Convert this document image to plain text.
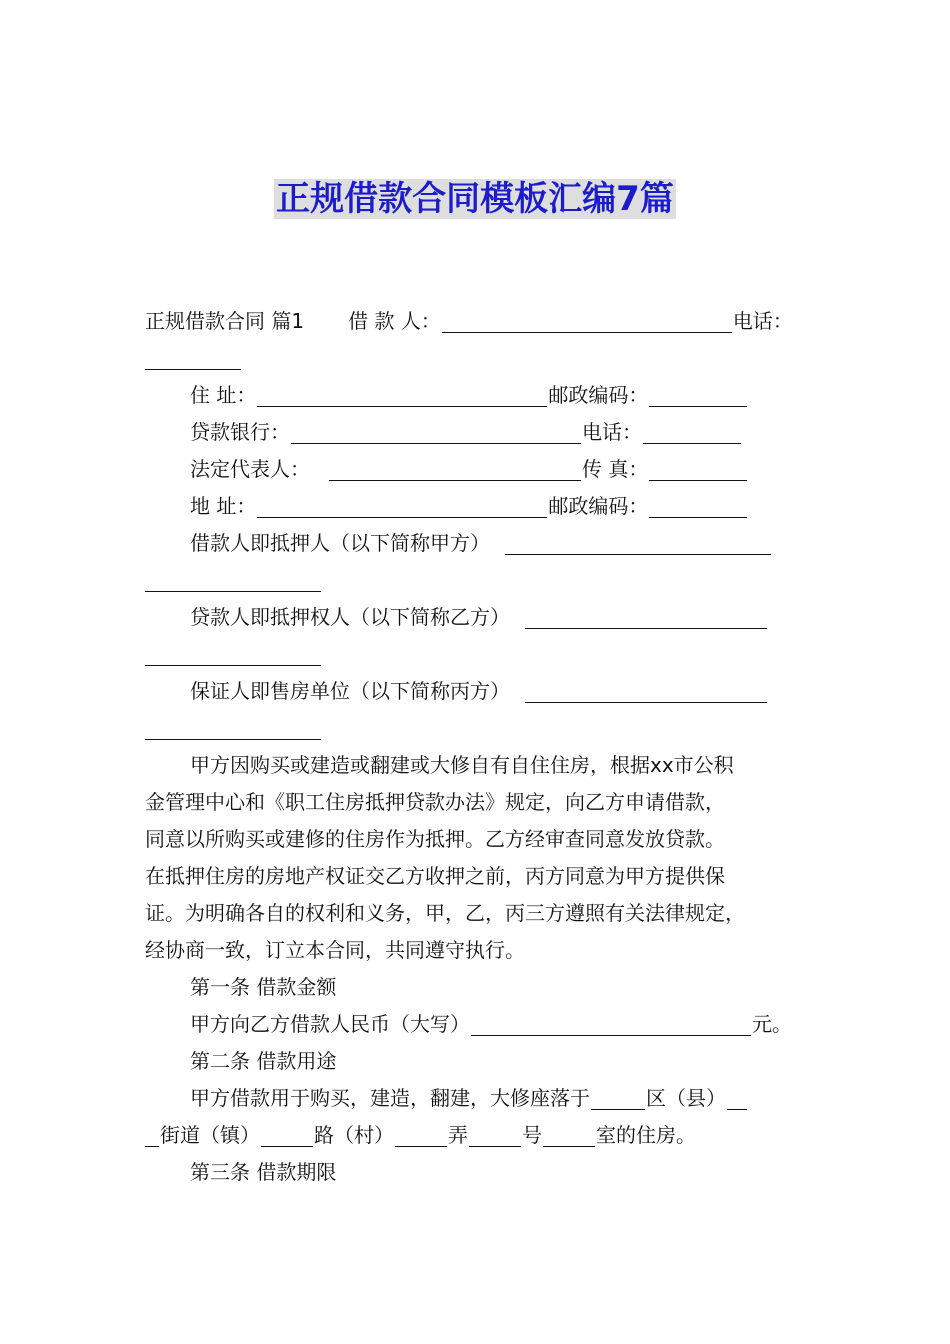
正规借款合同模板汇编7篇
正规借款合同 篇1 借 款 人：	电话：
住 址：	邮政编码：
贷款银行：	电话：
法定代表人：	传 真：
地 址：	邮政编码：
借款人即抵押人（以下简称甲方）
贷款人即抵押权人（以下简称乙方）
保证人即售房单位（以下简称丙方）
甲方因购买或建造或翻建或大修自有自住住房，根据xx市公积
金管理中心和《职工住房抵押贷款办法》规定，向乙方申请借款，
同意以所购买或建修的住房作为抵押。乙方经审查同意发放贷款。
在抵押住房的房地产权证交乙方收押之前，丙方同意为甲方提供保
证。为明确各自的权利和义务，甲，乙，丙三方遵照有关法律规定，
经协商一致，订立本合同，共同遵守执行。
第一条 借款金额
甲方向乙方借款人民币（大写）	元。
第二条 借款用途
甲方借款用于购买，建造，翻建，大修座落于	区（县）
街道（镇）	路（村）	弄	号	室的住房。
第三条 借款期限
